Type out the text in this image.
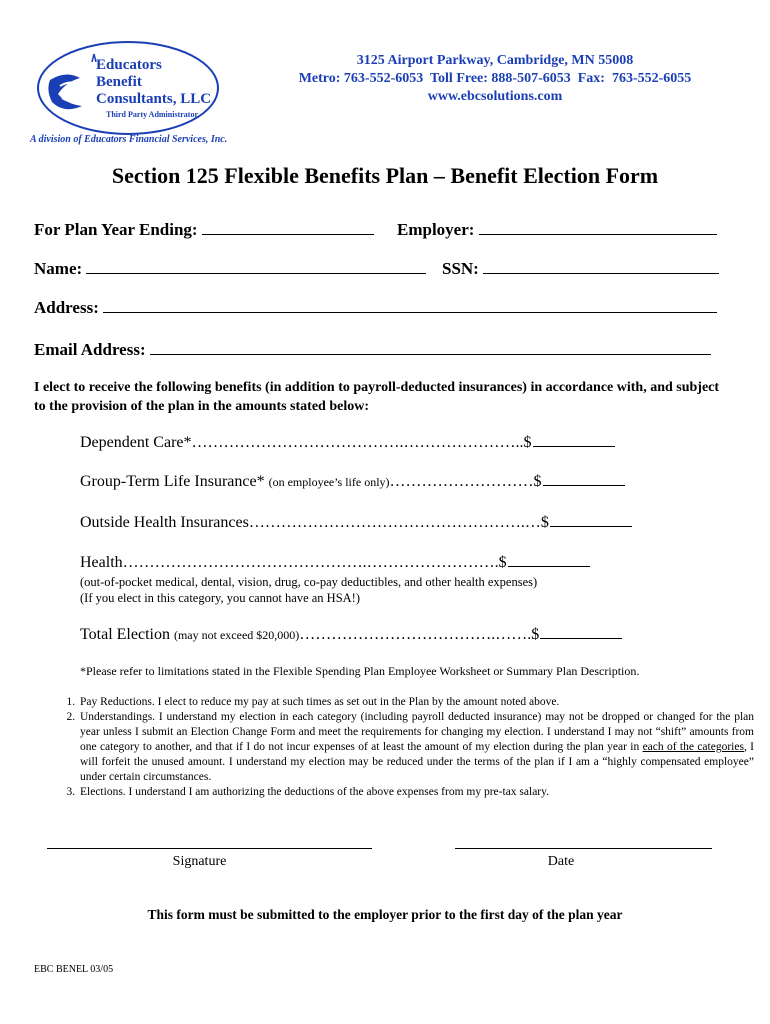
Educators
Benefit
Consultants, LLC
Third Party Administrator
A division of Educators Financial Services, Inc.
3125 Airport Parkway, Cambridge, MN 55008
Metro: 763-552-6053  Toll Free: 888-507-6053  Fax:  763-552-6055
www.ebcsolutions.com
Section 125 Flexible Benefits Plan – Benefit Election Form
For Plan Year Ending:	Employer:
Name:	SSN:
Address:
Email Address:
I elect to receive the following benefits (in addition to payroll-deducted insurances) in accordance with, and subject to the provision of the plan in the amounts stated below:
Dependent Care*………………………………….…………………..$
Group-Term Life Insurance* (on employee’s life only)………………………$
Outside Health Insurances…………………………………………….…$
Health……………………………………….…………………….$
(out-of-pocket medical, dental, vision, drug, co-pay deductibles, and other health expenses)
(If you elect in this category, you cannot have an HSA!)
Total Election (may not exceed $20,000)……………………………….…….$
*Please refer to limitations stated in the Flexible Spending Plan Employee Worksheet or Summary Plan Description.
1. Pay Reductions. I elect to reduce my pay at such times as set out in the Plan by the amount noted above.
2. Understandings. I understand my election in each category (including payroll deducted insurance) may not be dropped or changed for the plan year unless I submit an Election Change Form and meet the requirements for changing my election. I understand I may not “shift” amounts from one category to another, and that if I do not incur expenses of at least the amount of my election during the plan year in each of the categories, I will forfeit the unused amount. I understand my election may be reduced under the terms of the plan if I am a “highly compensated employee” under certain circumstances.
3. Elections. I understand I am authorizing the deductions of the above expenses from my pre-tax salary.
Signature	Date
This form must be submitted to the employer prior to the first day of the plan year
EBC BENEL 03/05
